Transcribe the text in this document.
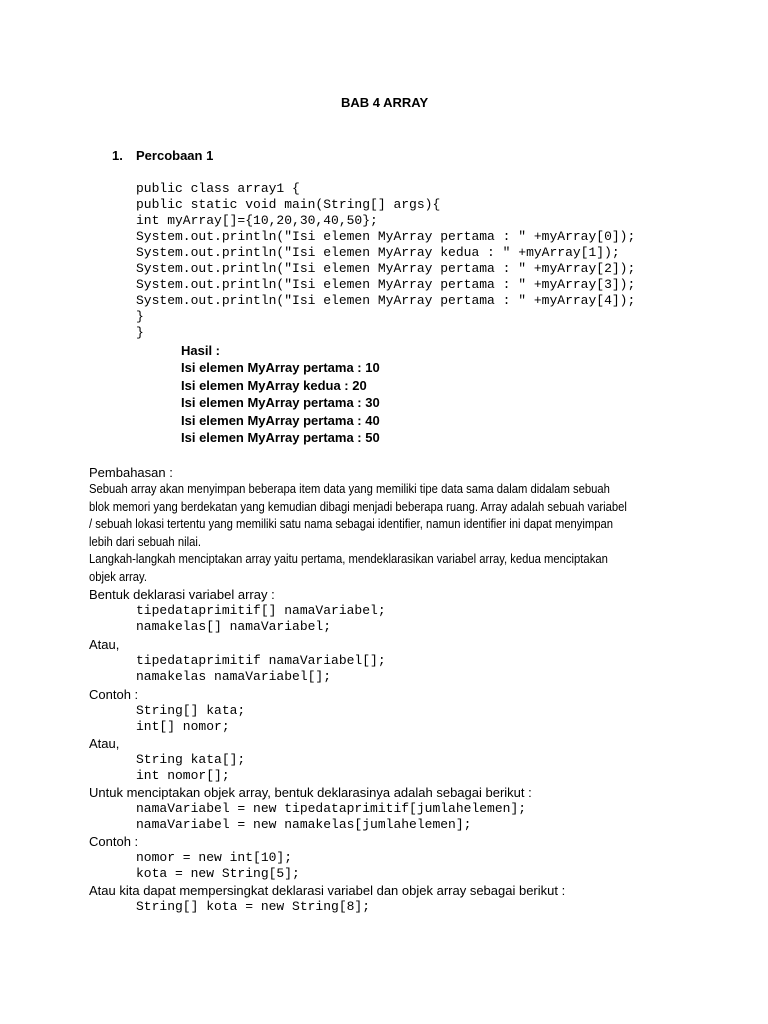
BAB 4 ARRAY
1. Percobaan 1
public class array1 {
public static void main(String[] args){
int myArray[]={10,20,30,40,50};
System.out.println("Isi elemen MyArray pertama : " +myArray[0]);
System.out.println("Isi elemen MyArray kedua : " +myArray[1]);
System.out.println("Isi elemen MyArray pertama : " +myArray[2]);
System.out.println("Isi elemen MyArray pertama : " +myArray[3]);
System.out.println("Isi elemen MyArray pertama : " +myArray[4]);
}
}
Hasil :
Isi elemen MyArray pertama : 10
Isi elemen MyArray kedua : 20
Isi elemen MyArray pertama : 30
Isi elemen MyArray pertama : 40
Isi elemen MyArray pertama : 50
Pembahasan :
Sebuah array akan menyimpan beberapa item data yang memiliki tipe data sama dalam didalam sebuah blok memori yang berdekatan yang kemudian dibagi menjadi beberapa ruang. Array adalah sebuah variabel / sebuah lokasi tertentu yang memiliki satu nama sebagai identifier, namun identifier ini dapat menyimpan lebih dari sebuah nilai.
Langkah-langkah menciptakan array yaitu pertama, mendeklarasikan variabel array, kedua menciptakan objek array.
Bentuk deklarasi variabel array :
tipedataprimitif[] namaVariabel;
namakelas[] namaVariabel;
Atau,
tipedataprimitif namaVariabel[];
namakelas namaVariabel[];
Contoh :
String[] kata;
int[] nomor;
Atau,
String kata[];
int nomor[];
Untuk menciptakan objek array, bentuk deklarasinya adalah sebagai berikut :
namaVariabel = new tipedataprimitif[jumlahelemen];
namaVariabel = new namakelas[jumlahelemen];
Contoh :
nomor = new int[10];
kota = new String[5];
Atau kita dapat mempersingkat deklarasi variabel dan objek array sebagai berikut :
String[] kota = new String[8];
